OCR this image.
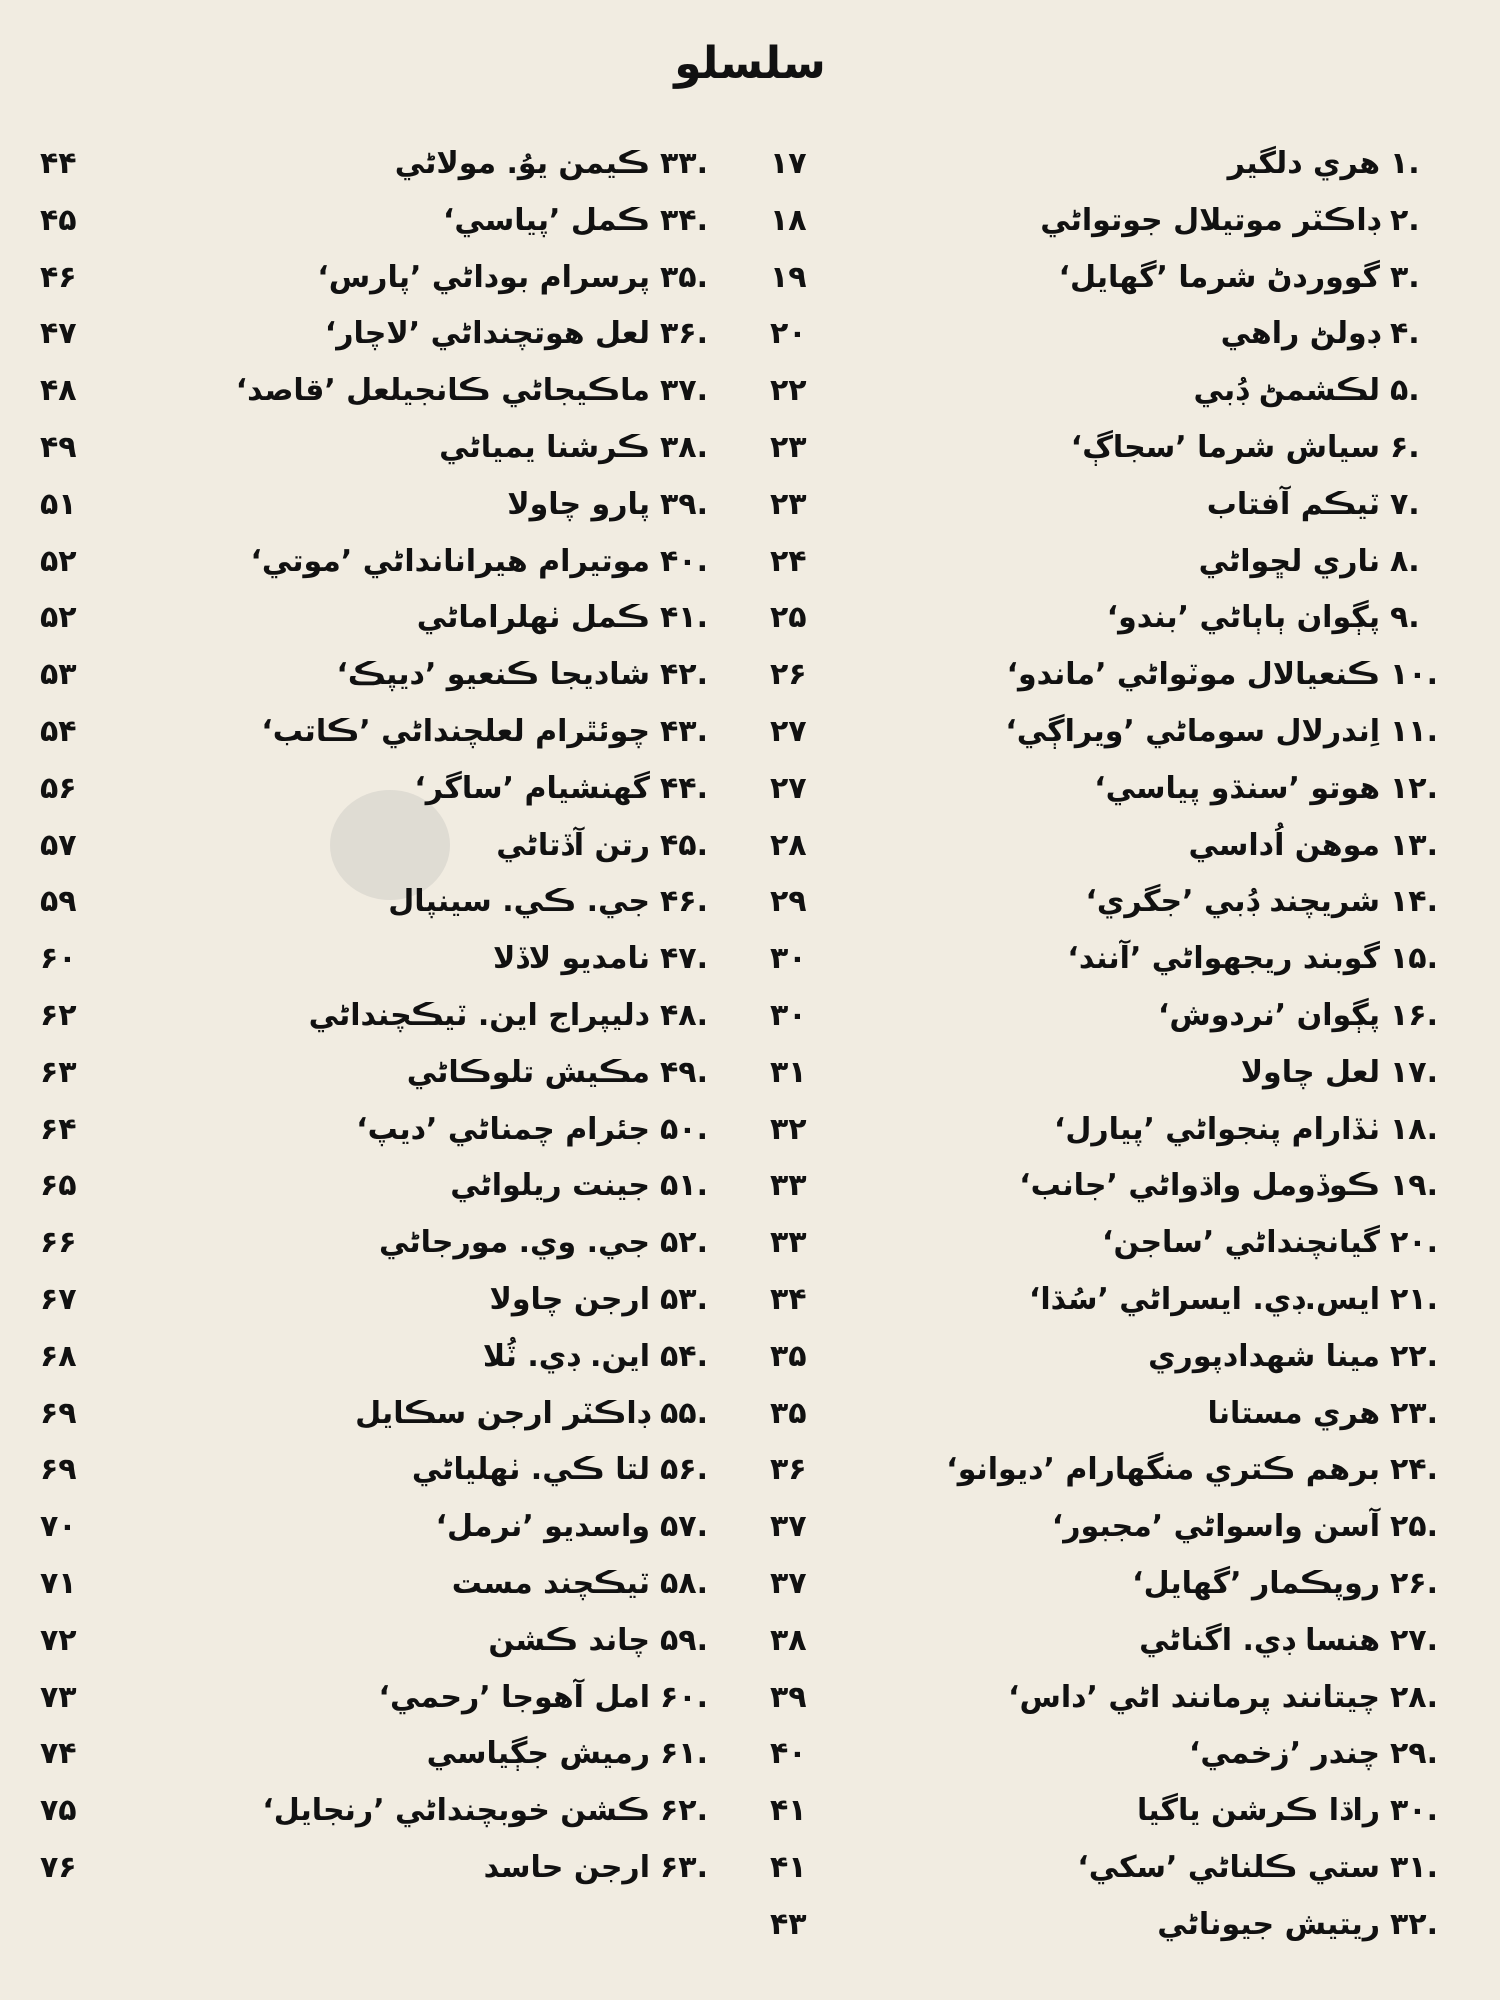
سلسلو
۱.
هري دلگير
۱۷
۲.
ڊاڪٽر موتيلال جوتواڻي
۱۸
۳.
گووردڻ شرما ’گھايل‘
۱۹
۴.
ڊولڻ راهي
۲۰
۵.
لڪشمڻ ڊُبي
۲۲
۶.
سياش شرما ’سجاڳ‘
۲۳
۷.
ٽيڪم آفتاب
۲۳
۸.
ناري لڇواڻي
۲۴
۹.
پڳوان ٻاٻاڻي ’بندو‘
۲۵
۱۰.
ڪنعيالال موٽواڻي ’ماندو‘
۲۶
۱۱.
اِندرلال سوماڻي ’ويراڳي‘
۲۷
۱۲.
هوتو ’سنڌو پياسي‘
۲۷
۱۳.
موهن اُداسي
۲۸
۱۴.
شريچند ڊُبي ’جگري‘
۲۹
۱۵.
گوبند ريجھواڻي ’آنند‘
۳۰
۱۶.
پڳوان ’نردوش‘
۳۰
۱۷.
لعل چاولا
۳۱
۱۸.
ٺڏارام پنجواڻي ’پيارل‘
۳۲
۱۹.
ڪوڏومل واڌواڻي ’جانب‘
۳۳
۲۰.
گيانچنداڻي ’ساجن‘
۳۳
۲۱.
ايس.ڊي. ايسراڻي ’سُڌا‘
۳۴
۲۲.
مينا شهدادپوري
۳۵
۲۳.
هري مستانا
۳۵
۲۴.
برهم ڪتري منگھارام ’ديوانو‘
۳۶
۲۵.
آسن واسواڻي ’مجبور‘
۳۷
۲۶.
روپڪمار ’گھايل‘
۳۷
۲۷.
هنسا ڊي. اگناڻي
۳۸
۲۸.
چيتانند پرمانند اڻي ’داس‘
۳۹
۲۹.
چندر ’زخمي‘
۴۰
۳۰.
راڌا ڪرشن ياگيا
۴۱
۳۱.
ستي ڪلناڻي ’سکي‘
۴۱
۳۲.
ريتيش جيوناڻي
۴۳
۳۳.
ڪيمن يوُ. مولاڻي
۴۴
۳۴.
ڪمل ’پياسي‘
۴۵
۳۵.
پرسرام بوداڻي ’پارس‘
۴۶
۳۶.
لعل هوتچنداڻي ’لاچار‘
۴۷
۳۷.
ماڪيجاڻي ڪانجيلعل ’قاصد‘
۴۸
۳۸.
ڪرشنا يمياڻي
۴۹
۳۹.
پارو چاولا
۵۱
۴۰.
موتيرام هيرانانداڻي ’موتي‘
۵۲
۴۱.
ڪمل ٺهلراماڻي
۵۲
۴۲.
شاديجا ڪنعيو ’ديپڪ‘
۵۳
۴۳.
چوئٿرام لعلچنداڻي ’ڪاتب‘
۵۴
۴۴.
گھنشيام ’ساگر‘
۵۶
۴۵.
رتن آڏتاڻي
۵۷
۴۶.
جي. ڪي. سينپال
۵۹
۴۷.
نامديو لاڏلا
۶۰
۴۸.
دليپراج اين. ٽيڪچنداڻي
۶۲
۴۹.
مڪيش تلوڪاڻي
۶۳
۵۰.
جئرام چمناڻي ’ديپ‘
۶۴
۵۱.
جينت ريلواڻي
۶۵
۵۲.
جي. وي. مورجاڻي
۶۶
۵۳.
ارجن چاولا
۶۷
۵۴.
اين. ڊي. ٽُلا
۶۸
۵۵.
ڊاڪٽر ارجن سڪايل
۶۹
۵۶.
لتا ڪي. ٺهلياڻي
۶۹
۵۷.
واسديو ’نرمل‘
۷۰
۵۸.
ٽيڪچند مست
۷۱
۵۹.
چاند ڪشن
۷۲
۶۰.
امل آهوجا ’رحمي‘
۷۳
۶۱.
رميش جڳياسي
۷۴
۶۲.
ڪشن خوبچنداڻي ’رنجايل‘
۷۵
۶۳.
ارجن حاسد
۷۶
